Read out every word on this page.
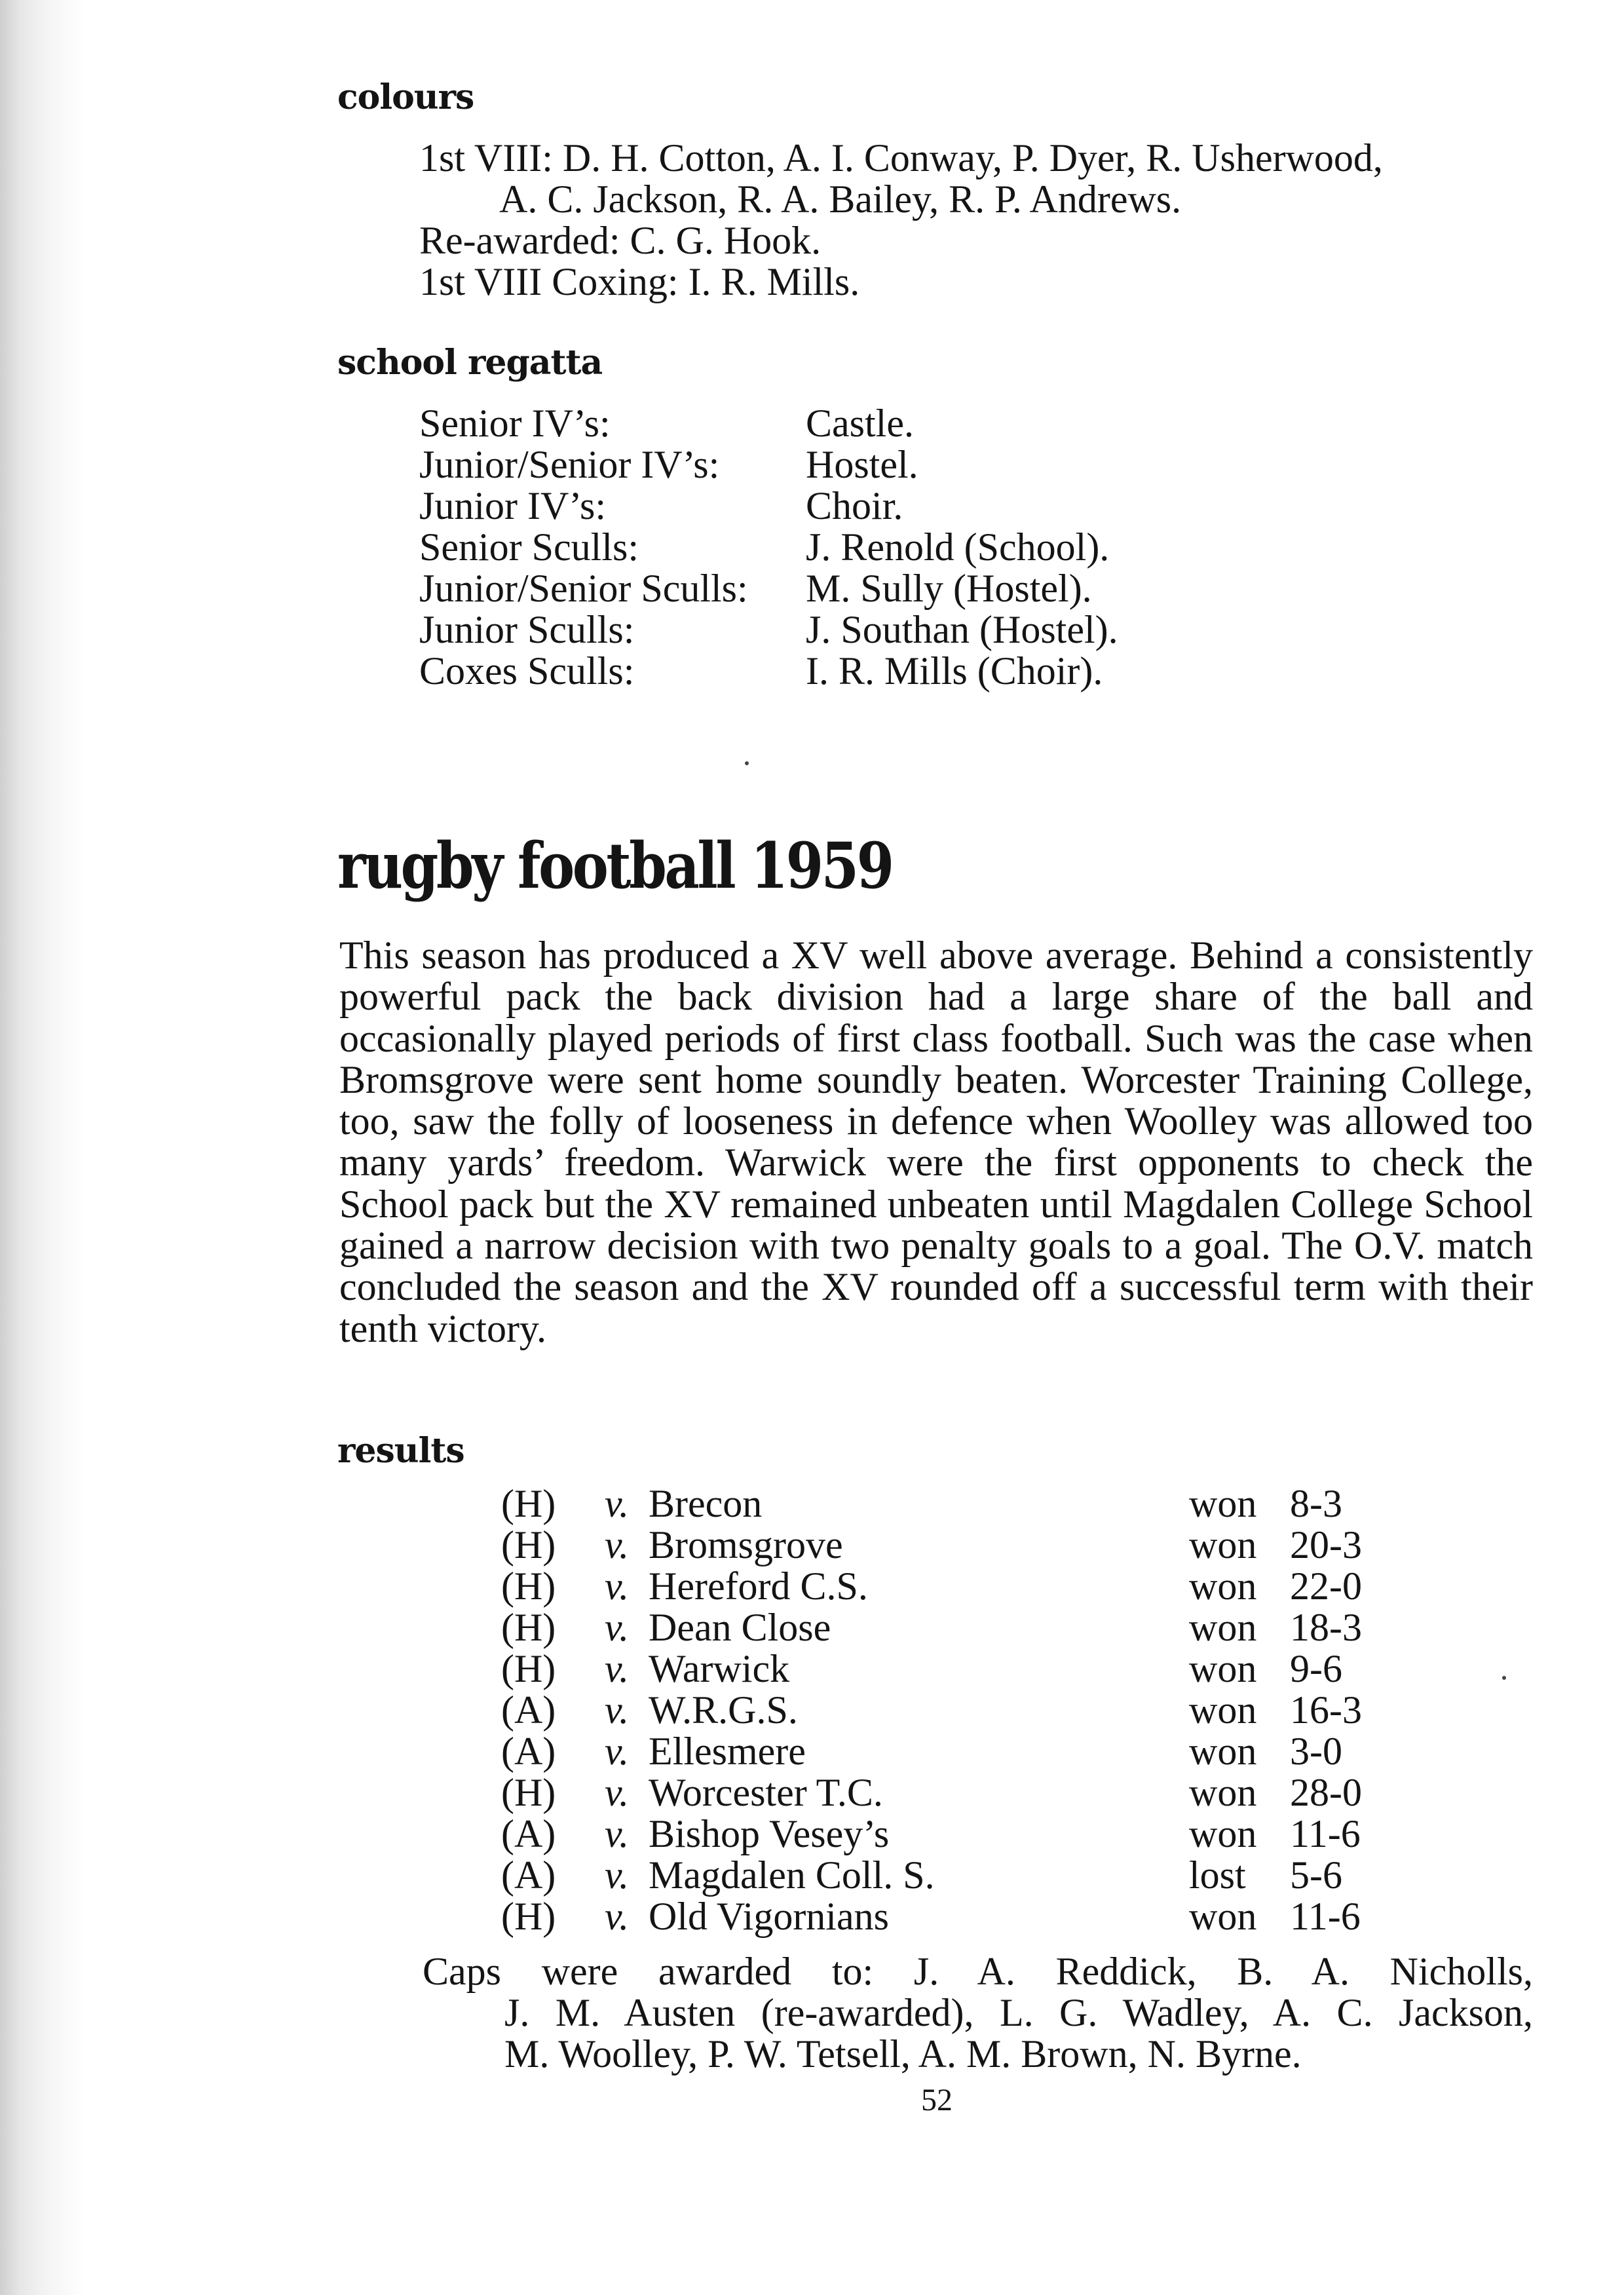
colours
1st VIII: D. H. Cotton, A. I. Conway, P. Dyer, R. Usherwood,
A. C. Jackson, R. A. Bailey, R. P. Andrews.
Re-awarded: C. G. Hook.
1st VIII Coxing: I. R. Mills.
school regatta
Senior IV’s:	Castle.
Junior/Senior IV’s:	Hostel.
Junior IV’s:	Choir.
Senior Sculls:	J. Renold (School).
Junior/Senior Sculls:	M. Sully (Hostel).
Junior Sculls:	J. Southan (Hostel).
Coxes Sculls:	I. R. Mills (Choir).
rugby football 1959

This season has produced a XV well above average. Behind a consistently powerful pack the back division had a large share of the ball and occasionally played periods of first class football. Such was the case when Bromsgrove were sent home soundly beaten. Worcester Training College, too, saw the folly of looseness in defence when Woolley was allowed too many yards’ freedom. Warwick were the first opponents to check the School pack but the XV remained unbeaten until Magdalen College School gained a narrow decision with two penalty goals to a goal. The O.V. match concluded the season and the XV rounded off a successful term with their tenth victory.

results
(H) v. Brecon	won 8-3
(H) v. Bromsgrove	won 20-3
(H) v. Hereford C.S.	won 22-0
(H) v. Dean Close	won 18-3
(H) v. Warwick	won 9-6
(A) v. W.R.G.S.	won 16-3
(A) v. Ellesmere	won 3-0
(H) v. Worcester T.C.	won 28-0
(A) v. Bishop Vesey’s	won 11-6
(A) v. Magdalen Coll. S.	lost 5-6
(H) v. Old Vigornians	won 11-6
Caps were awarded to: J. A. Reddick, B. A. Nicholls,
J. M. Austen (re-awarded), L. G. Wadley, A. C. Jackson,
M. Woolley, P. W. Tetsell, A. M. Brown, N. Byrne.
52
